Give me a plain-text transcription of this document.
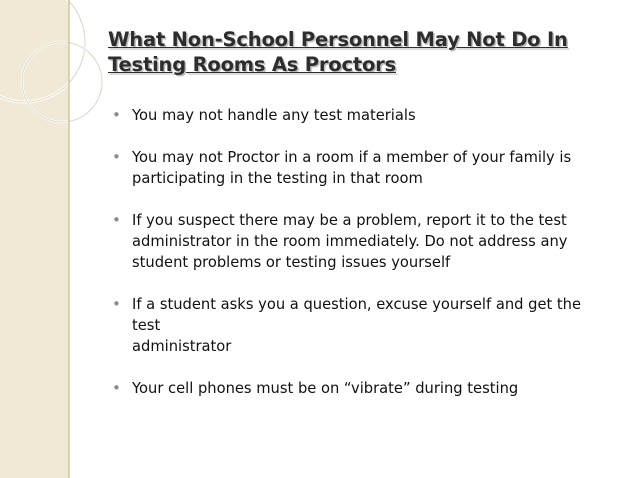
What Non-School Personnel May Not Do In
Testing Rooms As Proctors
• You may not handle any test materials
• You may not Proctor in a room if a member of your family is
participating in the testing in that room
• If you suspect there may be a problem, report it to the test
administrator in the room immediately. Do not address any
student problems or testing issues yourself
• If a student asks you a question, excuse yourself and get the test
administrator
• Your cell phones must be on “vibrate” during testing
